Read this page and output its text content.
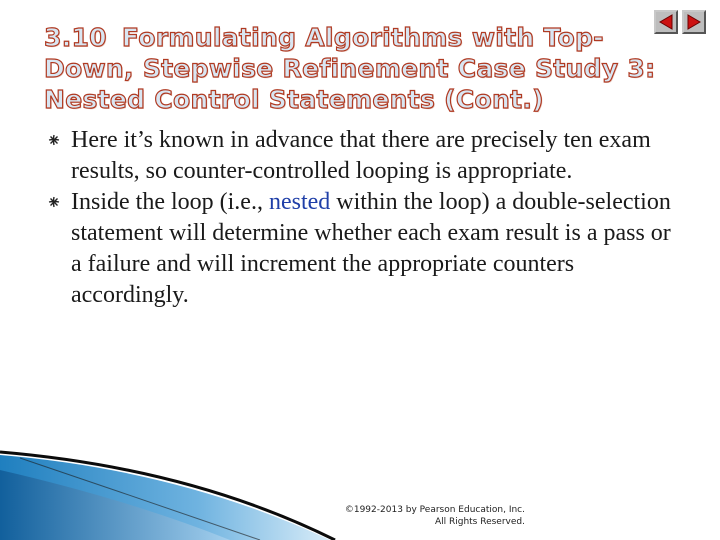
3.10 Formulating Algorithms with Top-Down, Stepwise Refinement Case Study 3: Nested Control Statements (Cont.)
Here it’s known in advance that there are precisely ten exam results, so counter-controlled looping is appropriate.
Inside the loop (i.e., nested within the loop) a double-selection statement will determine whether each exam result is a pass or a failure and will increment the appropriate counters accordingly.
©1992-2013 by Pearson Education, Inc.
All Rights Reserved.
